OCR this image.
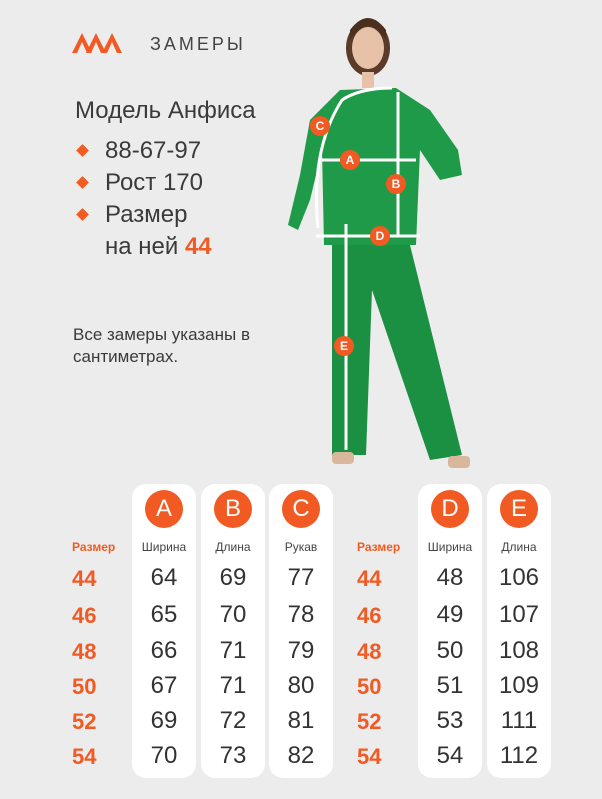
ЗАМЕРЫ
Модель Анфиса
88-67-97
Рост 170
Размер
на ней 44
Все замеры указаны в сантиметрах.
A
B
C
D
E
Размер
44
46
48
50
52
54
A
Ширина
64
65
66
67
69
70
B
Длина
69
70
71
71
72
73
C
Рукав
77
78
79
80
81
82
Размер
44
46
48
50
52
54
D
Ширина
48
49
50
51
53
54
E
Длина
106
107
108
109
111
112
